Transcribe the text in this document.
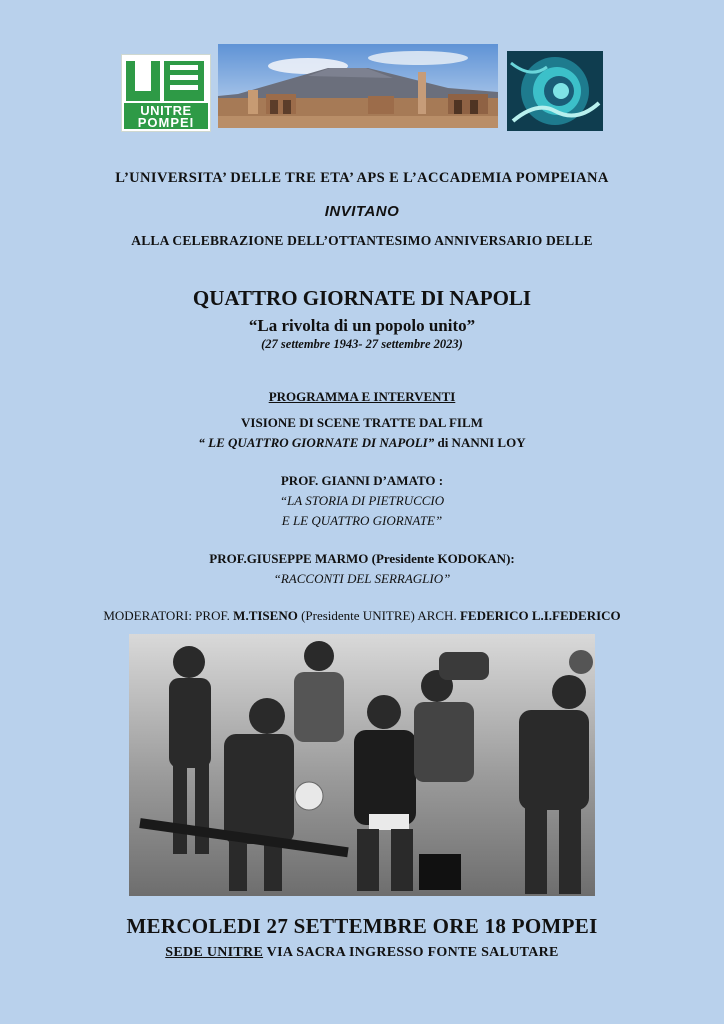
UNITRE
POMPEI
L’UNIVERSITA’ DELLE TRE ETA’ APS E L’ACCADEMIA POMPEIANA
INVITANO
ALLA CELEBRAZIONE DELL’OTTANTESIMO ANNIVERSARIO DELLE
QUATTRO GIORNATE DI NAPOLI
“La rivolta di un popolo unito”
(27 settembre 1943- 27 settembre 2023)
PROGRAMMA E INTERVENTI
VISIONE DI SCENE TRATTE DAL FILM
“ LE QUATTRO GIORNATE DI NAPOLI” di NANNI LOY
PROF. GIANNI D’AMATO :
“LA STORIA DI PIETRUCCIO
E LE QUATTRO GIORNATE”
PROF.GIUSEPPE MARMO (Presidente KODOKAN):
“RACCONTI DEL SERRAGLIO”
MODERATORI: PROF. M.TISENO (Presidente UNITRE) ARCH. FEDERICO L.I.FEDERICO
MERCOLEDI 27 SETTEMBRE ORE 18 POMPEI
SEDE UNITRE VIA SACRA INGRESSO FONTE SALUTARE
